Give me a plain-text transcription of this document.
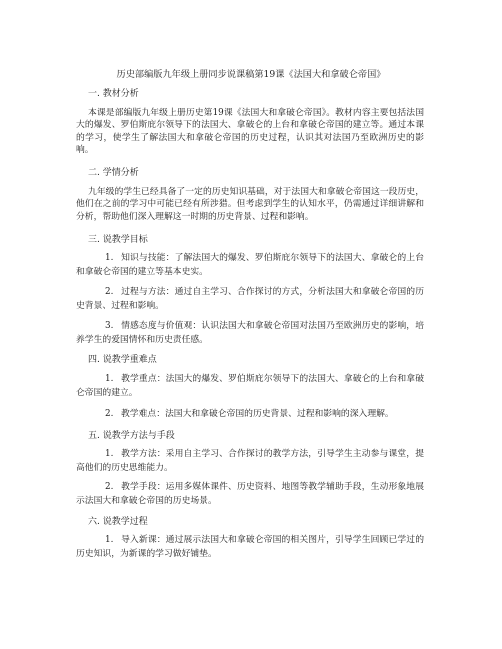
历史部编版九年级上册同步说课稿第19课《法国大和拿破仑帝国》
一. 教材分析
本课是部编版九年级上册历史第19课《法国大和拿破仑帝国》。教材内容主要包括法国大的爆发、罗伯斯庇尔领导下的法国大、拿破仑的上台和拿破仑帝国的建立等。通过本课的学习，使学生了解法国大和拿破仑帝国的历史过程，认识其对法国乃至欧洲历史的影响。
二. 学情分析
九年级的学生已经具备了一定的历史知识基础，对于法国大和拿破仑帝国这一段历史，他们在之前的学习中可能已经有所涉猎。但考虑到学生的认知水平，仍需通过详细讲解和分析，帮助他们深入理解这一时期的历史背景、过程和影响。
三. 说教学目标
1. 知识与技能：了解法国大的爆发、罗伯斯庇尔领导下的法国大、拿破仑的上台和拿破仑帝国的建立等基本史实。
2. 过程与方法：通过自主学习、合作探讨的方式，分析法国大和拿破仑帝国的历史背景、过程和影响。
3. 情感态度与价值观：认识法国大和拿破仑帝国对法国乃至欧洲历史的影响，培养学生的爱国情怀和历史责任感。
四. 说教学重难点
1. 教学重点：法国大的爆发、罗伯斯庇尔领导下的法国大、拿破仑的上台和拿破仑帝国的建立。
2. 教学难点：法国大和拿破仑帝国的历史背景、过程和影响的深入理解。
五. 说教学方法与手段
1. 教学方法：采用自主学习、合作探讨的教学方法，引导学生主动参与课堂，提高他们的历史思维能力。
2. 教学手段：运用多媒体课件、历史资料、地图等教学辅助手段，生动形象地展示法国大和拿破仑帝国的历史场景。
六. 说教学过程
1. 导入新课：通过展示法国大和拿破仑帝国的相关图片，引导学生回顾已学过的历史知识，为新课的学习做好铺垫。
